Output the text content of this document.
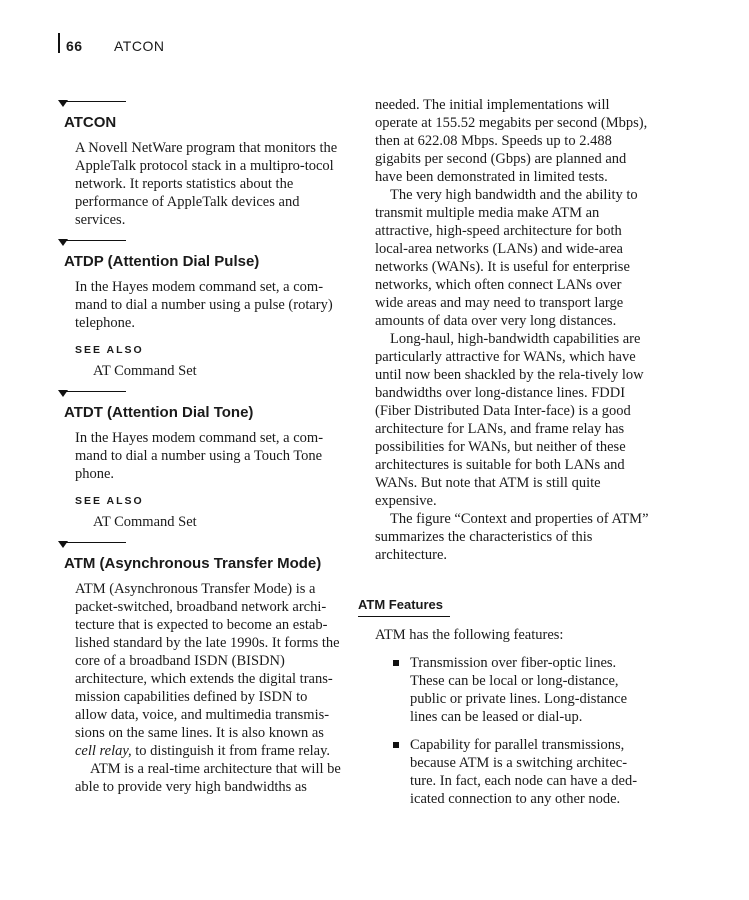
66 ATCON
ATCON

A Novell NetWare program that monitors the AppleTalk protocol stack in a multipro-tocol network. It reports statistics about the performance of AppleTalk devices and services.

ATDP (Attention Dial Pulse)

In the Hayes modem command set, a com-mand to dial a number using a pulse (rotary) telephone.

SEE ALSO
AT Command Set
ATDT (Attention Dial Tone)

In the Hayes modem command set, a com-mand to dial a number using a Touch Tone phone.

SEE ALSO
AT Command Set
ATM (Asynchronous Transfer Mode)

ATM (Asynchronous Transfer Mode) is a packet-switched, broadband network archi-tecture that is expected to become an estab-lished standard by the late 1990s. It forms the core of a broadband ISDN (BISDN) architecture, which extends the digital trans-mission capabilities defined by ISDN to allow data, voice, and multimedia transmis-sions on the same lines. It is also known as cell relay, to distinguish it from frame relay.

ATM is a real-time architecture that will be able to provide very high bandwidths as

needed. The initial implementations will operate at 155.52 megabits per second (Mbps), then at 622.08 Mbps. Speeds up to 2.488 gigabits per second (Gbps) are planned and have been demonstrated in limited tests.

The very high bandwidth and the ability to transmit multiple media make ATM an attractive, high-speed architecture for both local-area networks (LANs) and wide-area networks (WANs). It is useful for enterprise networks, which often connect LANs over wide areas and may need to transport large amounts of data over very long distances.

Long-haul, high-bandwidth capabilities are particularly attractive for WANs, which have until now been shackled by the rela-tively low bandwidths over long-distance lines. FDDI (Fiber Distributed Data Inter-face) is a good architecture for LANs, and frame relay has possibilities for WANs, but neither of these architectures is suitable for both LANs and WANs. But note that ATM is still quite expensive.

The figure “Context and properties of ATM” summarizes the characteristics of this architecture.

ATM Features
ATM has the following features:
Transmission over fiber-optic lines. These can be local or long-distance, public or private lines. Long-distance lines can be leased or dial-up.
Capability for parallel transmissions, because ATM is a switching architec-ture. In fact, each node can have a ded-icated connection to any other node.
